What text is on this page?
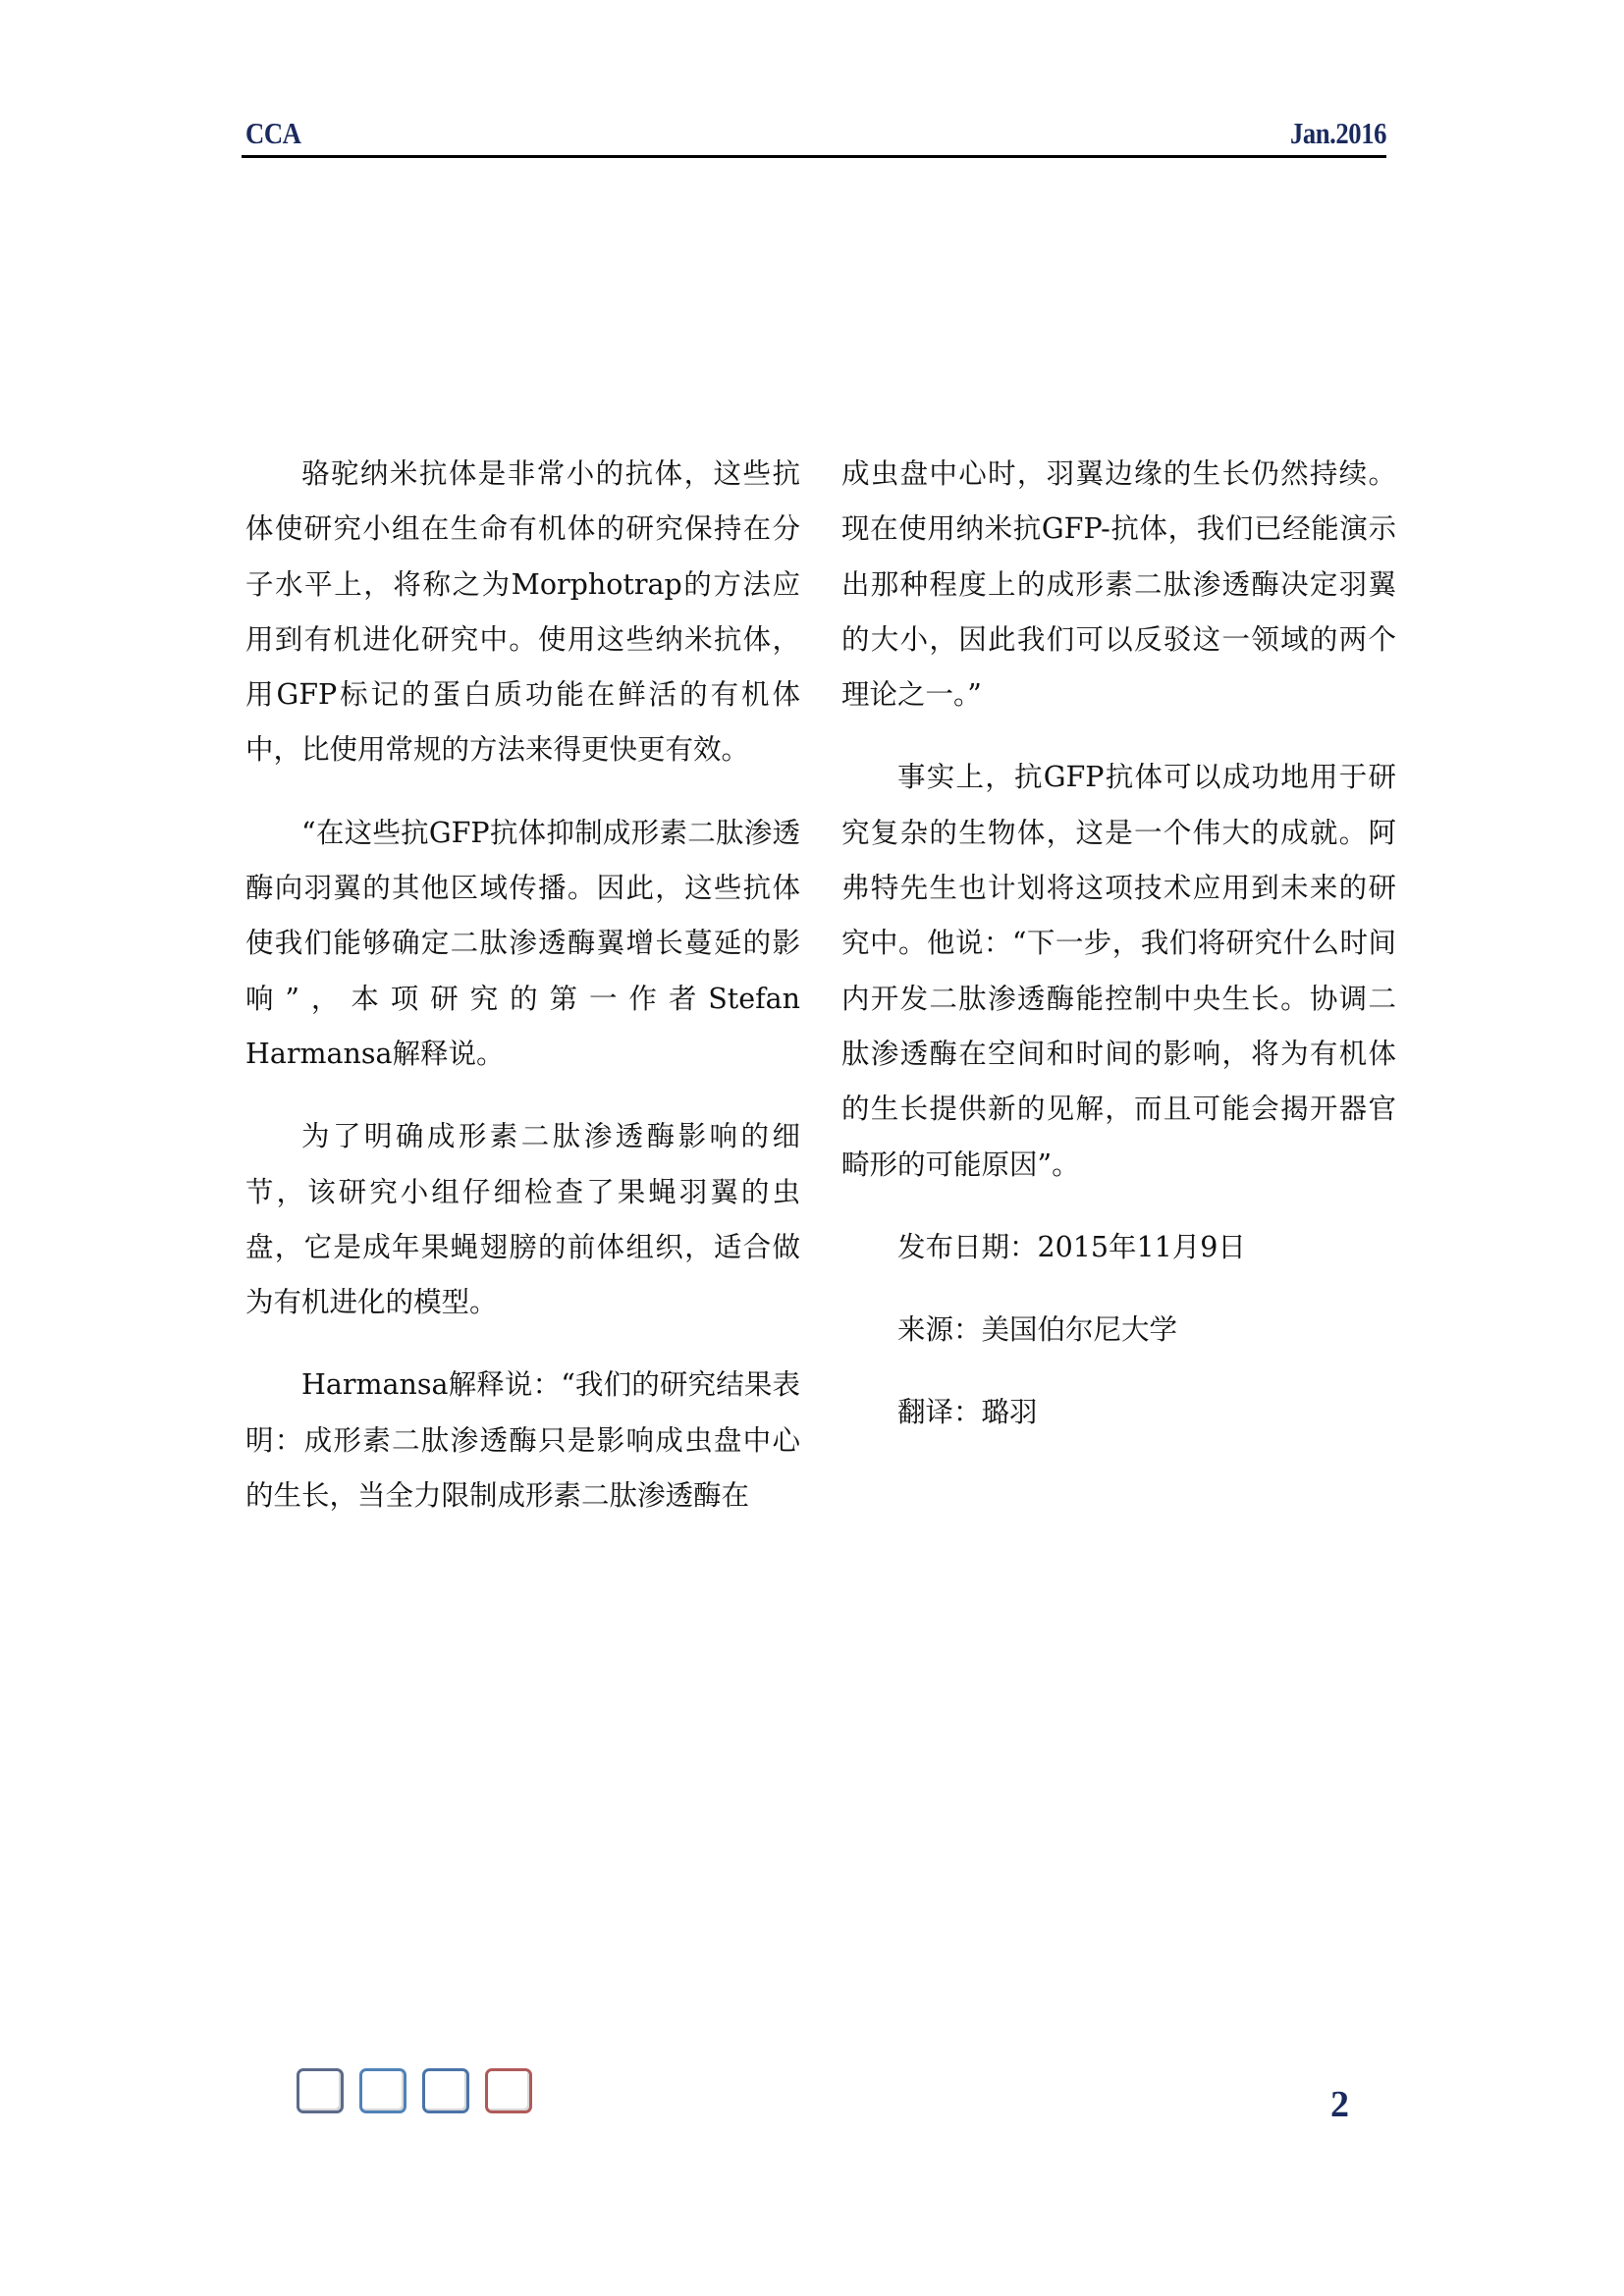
CCA	Jan.2016

骆驼纳米抗体是非常小的抗体，这些抗体使研究小组在生命有机体的研究保持在分子水平上，将称之为Morphotrap的方法应用到有机进化研究中。使用这些纳米抗体，用GFP标记的蛋白质功能在鲜活的有机体中，比使用常规的方法来得更快更有效。

“在这些抗GFP抗体抑制成形素二肽渗透酶向羽翼的其他区域传播。因此，这些抗体使我们能够确定二肽渗透酶翼增长蔓延的影响”，本项研究的第一作者Stefan Harmansa解释说。

为了明确成形素二肽渗透酶影响的细节，该研究小组仔细检查了果蝇羽翼的虫盘，它是成年果蝇翅膀的前体组织，适合做为有机进化的模型。

Harmansa解释说：“我们的研究结果表明：成形素二肽渗透酶只是影响成虫盘中心的生长，当全力限制成形素二肽渗透酶在

成虫盘中心时，羽翼边缘的生长仍然持续。现在使用纳米抗GFP-抗体，我们已经能演示出那种程度上的成形素二肽渗透酶决定羽翼的大小，因此我们可以反驳这一领域的两个理论之一。”

事实上，抗GFP抗体可以成功地用于研究复杂的生物体，这是一个伟大的成就。阿弗特先生也计划将这项技术应用到未来的研究中。他说：“下一步，我们将研究什么时间内开发二肽渗透酶能控制中央生长。协调二肽渗透酶在空间和时间的影响，将为有机体的生长提供新的见解，而且可能会揭开器官畸形的可能原因”。

发布日期：2015年11月9日

来源：美国伯尔尼大学

翻译：璐羽

2
